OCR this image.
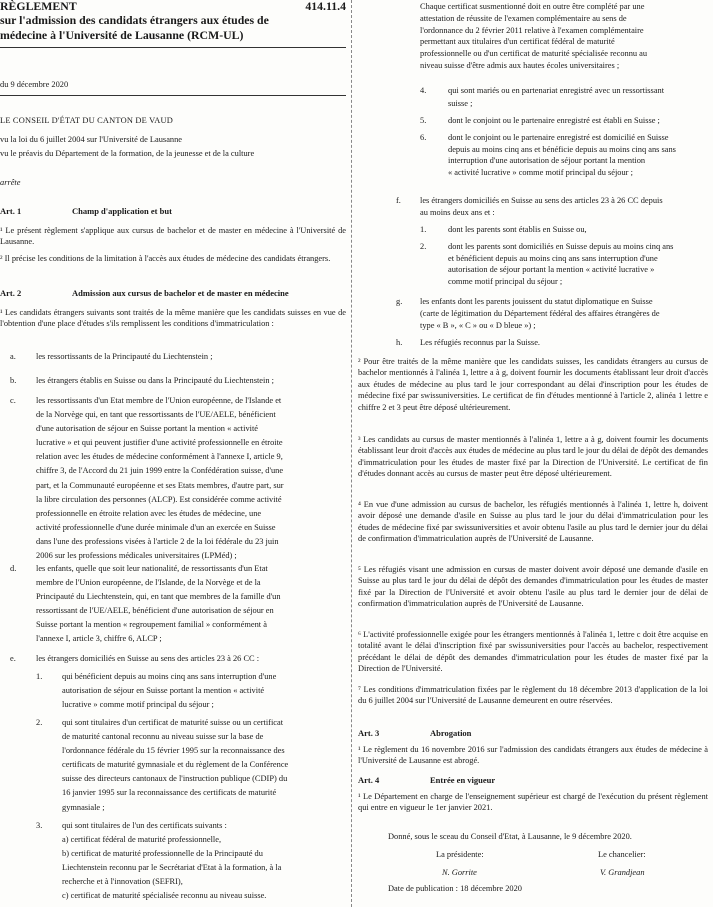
RÈGLEMENT	414.11.4
sur l'admission des candidats étrangers aux études de
médecine à l'Université de Lausanne (RCM-UL)
du 9 décembre 2020
LE CONSEIL D'ÉTAT DU CANTON DE VAUD
vu la loi du 6 juillet 2004 sur l'Université de Lausanne
vu le préavis du Département de la formation, de la jeunesse et de la culture
arrête
Art. 1	Champ d'application et but

¹ Le présent règlement s'applique aux cursus de bachelor et de master en médecine à l'Université de Lausanne.

² Il précise les conditions de la limitation à l'accès aux études de médecine des candidats étrangers.

Art. 2	Admission aux cursus de bachelor et de master en médecine

¹ Les candidats étrangers suivants sont traités de la même manière que les candidats suisses en vue de l'obtention d'une place d'études s'ils remplissent les conditions d'immatriculation :

a. les ressortissants de la Principauté du Liechtenstein ;
b. les étrangers établis en Suisse ou dans la Principauté du Liechtenstein ;
c. les ressortissants d'un Etat membre de l'Union européenne, de l'Islande et
de la Norvège qui, en tant que ressortissants de l'UE/AELE, bénéficient
d'une autorisation de séjour en Suisse portant la mention « activité
lucrative » et qui peuvent justifier d'une activité professionnelle en étroite
relation avec les études de médecine conformément à l'annexe I, article 9,
chiffre 3, de l'Accord du 21 juin 1999 entre la Confédération suisse, d'une
part, et la Communauté européenne et ses Etats membres, d'autre part, sur
la libre circulation des personnes (ALCP). Est considérée comme activité
professionnelle en étroite relation avec les études de médecine, une
activité professionnelle d'une durée minimale d'un an exercée en Suisse
dans l'une des professions visées à l'article 2 de la loi fédérale du 23 juin
2006 sur les professions médicales universitaires (LPMéd) ;
d. les enfants, quelle que soit leur nationalité, de ressortissants d'un Etat
membre de l'Union européenne, de l'Islande, de la Norvège et de la
Principauté du Liechtenstein, qui, en tant que membres de la famille d'un
ressortissant de l'UE/AELE, bénéficient d'une autorisation de séjour en
Suisse portant la mention « regroupement familial » conformément à
l'annexe I, article 3, chiffre 6, ALCP ;
e. les étrangers domiciliés en Suisse au sens des articles 23 à 26 CC :
1. qui bénéficient depuis au moins cinq ans sans interruption d'une
autorisation de séjour en Suisse portant la mention « activité
lucrative » comme motif principal du séjour ;
2. qui sont titulaires d'un certificat de maturité suisse ou un certificat
de maturité cantonal reconnu au niveau suisse sur la base de
l'ordonnance fédérale du 15 février 1995 sur la reconnaissance des
certificats de maturité gymnasiale et du règlement de la Conférence
suisse des directeurs cantonaux de l'instruction publique (CDIP) du
16 janvier 1995 sur la reconnaissance des certificats de maturité
gymnasiale ;
3. qui sont titulaires de l'un des certificats suivants :
a) certificat fédéral de maturité professionnelle,
b) certificat de maturité professionnelle de la Principauté du
Liechtenstein reconnu par le Secrétariat d'Etat à la formation, à la
recherche et à l'innovation (SEFRI),
c) certificat de maturité spécialisée reconnu au niveau suisse.
Chaque certificat susmentionné doit en outre être complété par une
attestation de réussite de l'examen complémentaire au sens de
l'ordonnance du 2 février 2011 relative à l'examen complémentaire
permettant aux titulaires d'un certificat fédéral de maturité
professionnelle ou d'un certificat de maturité spécialisée reconnu au
niveau suisse d'être admis aux hautes écoles universitaires ;
4.	qui sont mariés ou en partenariat enregistré avec un ressortissant
suisse ;
5.	dont le conjoint ou le partenaire enregistré est établi en Suisse ;
6.	dont le conjoint ou le partenaire enregistré est domicilié en Suisse
depuis au moins cinq ans et bénéficie depuis au moins cinq ans sans
interruption d'une autorisation de séjour portant la mention
« activité lucrative » comme motif principal du séjour ;
f. les étrangers domiciliés en Suisse au sens des articles 23 à 26 CC depuis
au moins deux ans et :
1.	dont les parents sont établis en Suisse ou,
2.	dont les parents sont domiciliés en Suisse depuis au moins cinq ans
et bénéficient depuis au moins cinq ans sans interruption d'une
autorisation de séjour portant la mention « activité lucrative »
comme motif principal du séjour ;
g. les enfants dont les parents jouissent du statut diplomatique en Suisse
(carte de légitimation du Département fédéral des affaires étrangères de
type « B », « C » ou « D bleue ») ;
h. Les réfugiés reconnus par la Suisse.

² Pour être traités de la même manière que les candidats suisses, les candidats étrangers au cursus de bachelor mentionnés à l'alinéa 1, lettre a à g, doivent fournir les documents établissant leur droit d'accès aux études de médecine au plus tard le jour correspondant au délai d'inscription pour les études de médecine fixé par swissuniversities. Le certificat de fin d'études mentionné à l'article 2, alinéa 1 lettre e chiffre 2 et 3 peut être déposé ultérieurement.

³ Les candidats au cursus de master mentionnés à l'alinéa 1, lettre a à g, doivent fournir les documents établissant leur droit d'accès aux études de médecine au plus tard le jour du délai de dépôt des demandes d'immatriculation pour les études de master fixé par la Direction de l'Université. Le certificat de fin d'études donnant accès au cursus de master peut être déposé ultérieurement.

⁴ En vue d'une admission au cursus de bachelor, les réfugiés mentionnés à l'alinéa 1, lettre h, doivent avoir déposé une demande d'asile en Suisse au plus tard le jour du délai d'immatriculation pour les études de médecine fixé par swissuniversities et avoir obtenu l'asile au plus tard le dernier jour du délai de confirmation d'immatriculation auprès de l'Université de Lausanne.

⁵ Les réfugiés visant une admission en cursus de master doivent avoir déposé une demande d'asile en Suisse au plus tard le jour du délai de dépôt des demandes d'immatriculation pour les études de master fixé par la Direction de l'Université et avoir obtenu l'asile au plus tard le dernier jour de délai de confirmation d'immatriculation auprès de l'Université de Lausanne.

⁶ L'activité professionnelle exigée pour les étrangers mentionnés à l'alinéa 1, lettre c doit être acquise en totalité avant le délai d'inscription fixé par swissuniversities pour l'accès au bachelor, respectivement précédant le délai de dépôt des demandes d'immatriculation pour les études de master fixé par la Direction de l'Université.

⁷ Les conditions d'immatriculation fixées par le règlement du 18 décembre 2013 d'application de la loi du 6 juillet 2004 sur l'Université de Lausanne demeurent en outre réservées.

Art. 3	Abrogation

¹ Le règlement du 16 novembre 2016 sur l'admission des candidats étrangers aux études de médecine à l'Université de Lausanne est abrogé.

Art. 4	Entrée en vigueur

¹ Le Département en charge de l'enseignement supérieur est chargé de l'exécution du présent règlement qui entre en vigueur le 1er janvier 2021.

Donné, sous le sceau du Conseil d'Etat, à Lausanne, le 9 décembre 2020.
La présidente:	Le chancelier:
N. Gorrite	V. Grandjean
Date de publication : 18 décembre 2020
